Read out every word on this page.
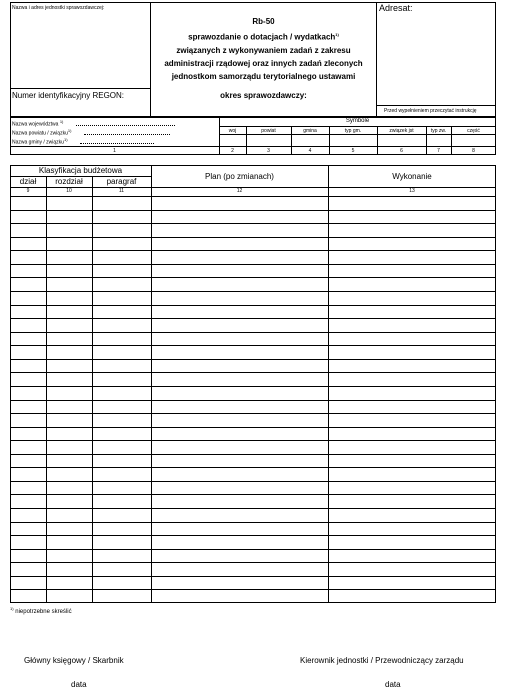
Nazwa i adres jednostki sprawozdawczej:	Adresat:
Rb-50
sprawozdanie o dotacjach / wydatkach$^{1)}$
związanych z wykonywaniem zadań z zakresu
administracji rządowej oraz innych zadań zleconych
jednostkom samorządu terytorialnego ustawami
Numer identyfikacyjny REGON:	okres sprawozdawczy:
Przed wypełnieniem przeczytać instrukcję
Nazwa województwa $^{1)}$
Nazwa powiatu / związku$^{1)}$
Nazwa gminy / związku$^{1)}$
Symbole
woj	powiat	gmina	typ gm.	związek jst	typ zw.	część
1	2	3	4	5	6	7	8
Klasyfikacja budżetowa
dział	rozdział	paragraf
Plan (po zmianach)	Wykonanie
9	10	11	12	13
$^{1)}$ niepotrzebne skreślić
Główny księgowy / Skarbnik
data
Kierownik jednostki / Przewodniczący zarządu
data
